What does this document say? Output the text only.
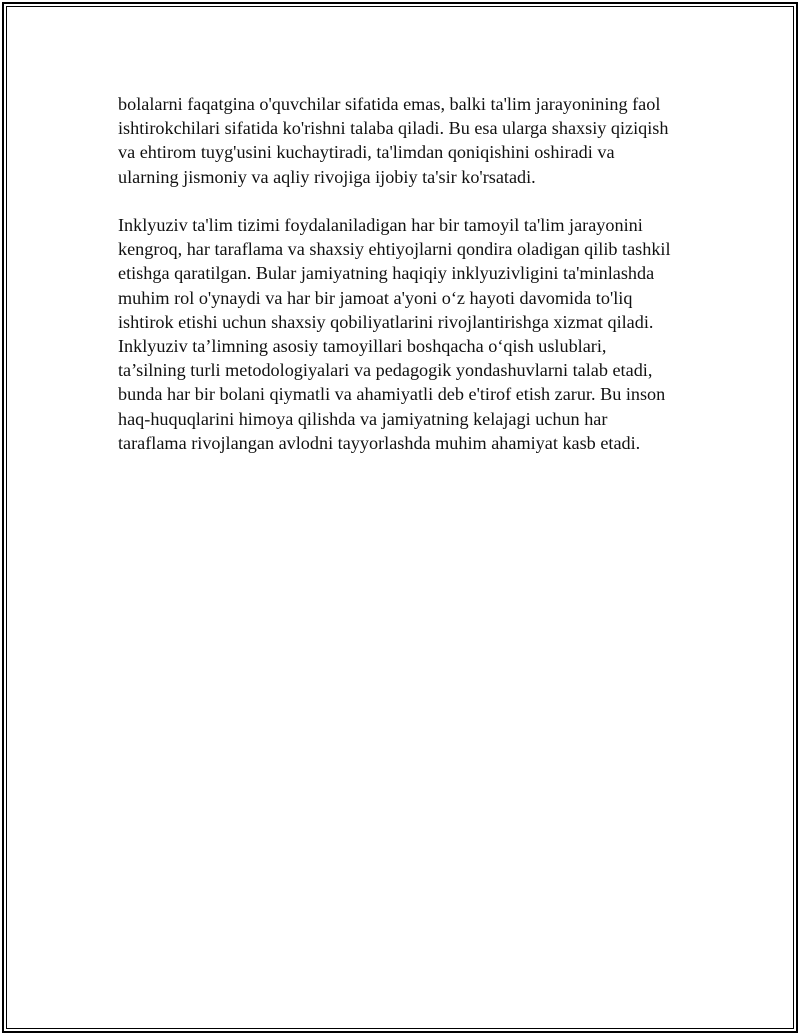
bolalarni faqatgina o'quvchilar sifatida emas, balki ta'lim jarayonining faol

ishtirokchilari sifatida ko'rishni talaba qiladi. Bu esa ularga shaxsiy qiziqish

va ehtirom tuyg'usini kuchaytiradi, ta'limdan qoniqishini oshiradi va

ularning jismoniy va aqliy rivojiga ijobiy ta'sir ko'rsatadi.

Inklyuziv ta'lim tizimi foydalaniladigan har bir tamoyil ta'lim jarayonini

kengroq, har taraflama va shaxsiy ehtiyojlarni qondira oladigan qilib tashkil

etishga qaratilgan. Bular jamiyatning haqiqiy inklyuzivligini ta'minlashda

muhim rol o'ynaydi va har bir jamoat a'yoni o‘z hayoti davomida to'liq

ishtirok etishi uchun shaxsiy qobiliyatlarini rivojlantirishga xizmat qiladi.

Inklyuziv ta’limning asosiy tamoyillari boshqacha o‘qish uslublari,

ta’silning turli metodologiyalari va pedagogik yondashuvlarni talab etadi,

bunda har bir bolani qiymatli va ahamiyatli deb e'tirof etish zarur. Bu inson

haq-huquqlarini himoya qilishda va jamiyatning kelajagi uchun har

taraflama rivojlangan avlodni tayyorlashda muhim ahamiyat kasb etadi.
